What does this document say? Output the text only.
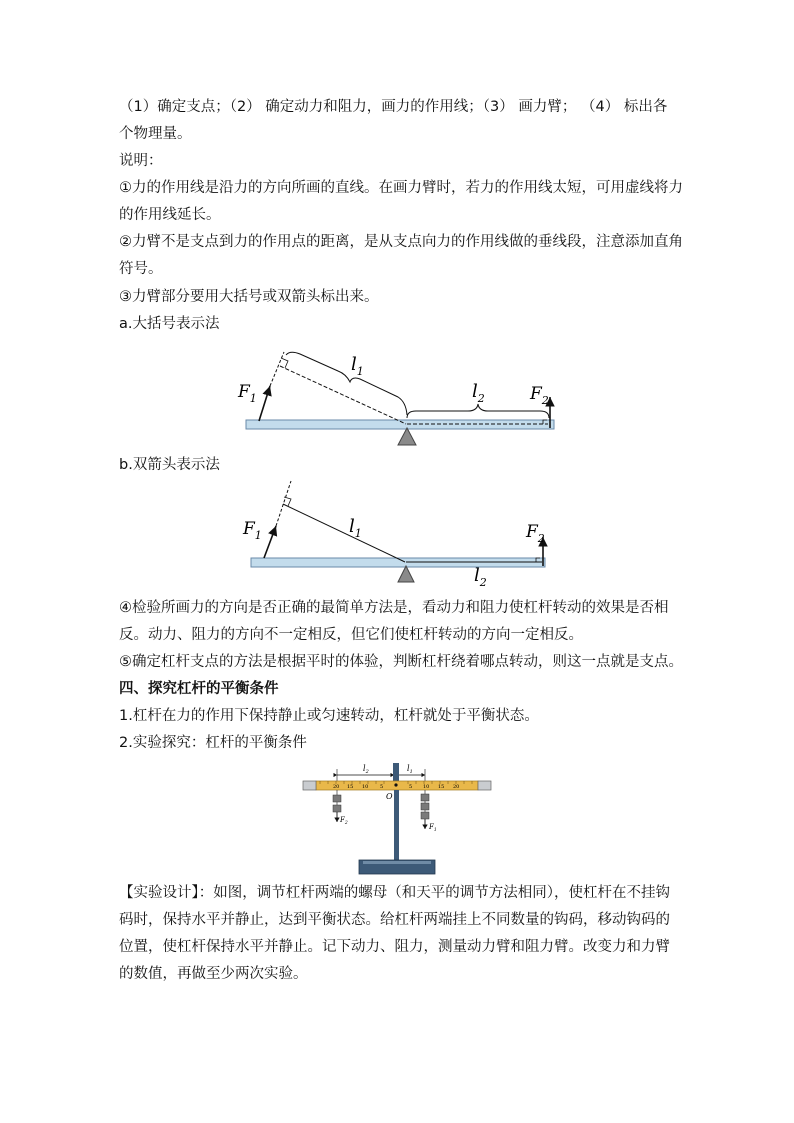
（1）确定支点；（2） 确定动力和阻力，画力的作用线；（3） 画力臂； （4） 标出各
个物理量。
说明：
①力的作用线是沿力的方向所画的直线。在画力臂时，若力的作用线太短，可用虚线将力
的作用线延长。
②力臂不是支点到力的作用点的距离，是从支点向力的作用线做的垂线段，注意添加直角
符号。
③力臂部分要用大括号或双箭头标出来。
a.大括号表示法
$F_1$
$l_1$
$l_2$	$F_2$
b.双箭头表示法
$F_1$	$l_1$	$F_2$
$l_2$
④检验所画力的方向是否正确的最简单方法是，看动力和阻力使杠杆转动的效果是否相
反。动力、阻力的方向不一定相反，但它们使杠杆转动的方向一定相反。
⑤确定杠杆支点的方法是根据平时的体验，判断杠杆绕着哪点转动，则这一点就是支点。
四、探究杠杆的平衡条件
1.杠杆在力的作用下保持静止或匀速转动，杠杆就处于平衡状态。
2.实验探究：杠杆的平衡条件
$l_2$	$l_1$
20 15 10 5	5 10 15 20
O
$F_2$	$F_1$
【实验设计】：如图，调节杠杆两端的螺母（和天平的调节方法相同），使杠杆在不挂钩码时，保持水平并静止，达到平衡状态。给杠杆两端挂上不同数量的钩码，移动钩码的位置，使杠杆保持水平并静止。记下动力、阻力，测量动力臂和阻力臂。改变力和力臂的数值，再做至少两次实验。
